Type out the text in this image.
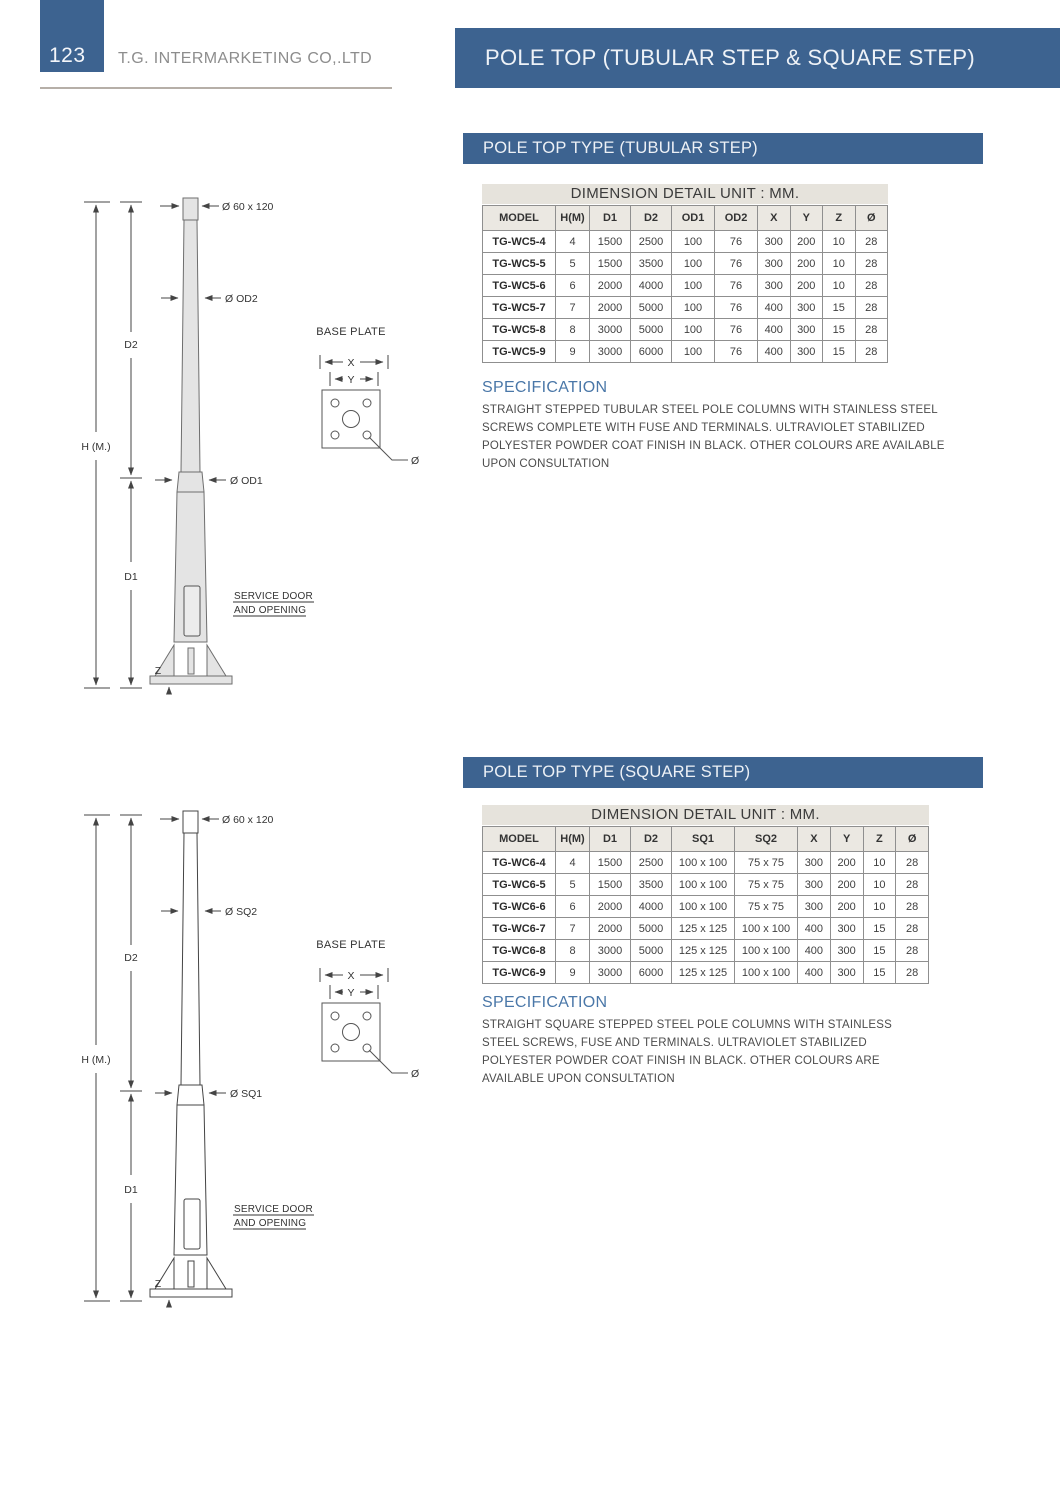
123 T.G. INTERMARKETING CO,.LTD	POLE TOP (TUBULAR STEP & SQUARE STEP)
POLE TOP TYPE (TUBULAR STEP)
DIMENSION DETAIL UNIT : MM.
MODEL	H(M)	D1	D2	OD1	OD2	X	Y	Z	Ø
TG-WC5-4	4	1500	2500	100	76	300	200	10	28
TG-WC5-5	5	1500	3500	100	76	300	200	10	28
TG-WC5-6	6	2000	4000	100	76	300	200	10	28
TG-WC5-7	7	2000	5000	100	76	400	300	15	28
TG-WC5-8	8	3000	5000	100	76	400	300	15	28
TG-WC5-9	9	3000	6000	100	76	400	300	15	28
SPECIFICATION
STRAIGHT STEPPED TUBULAR STEEL POLE COLUMNS WITH STAINLESS STEEL SCREWS COMPLETE WITH FUSE AND TERMINALS. ULTRAVIOLET STABILIZED POLYESTER POWDER COAT FINISH IN BLACK. OTHER COLOURS ARE AVAILABLE UPON CONSULTATION
Ø 60 x 120
Ø OD2
Ø OD1
H (M.)
D2
D1
Z
SERVICE DOOR
AND OPENING
BASE PLATE
X
Y
Ø
POLE TOP TYPE (SQUARE STEP)
DIMENSION DETAIL UNIT : MM.
MODEL	H(M)	D1	D2	SQ1	SQ2	X	Y	Z	Ø
TG-WC6-4	4	1500	2500	100 x 100	75 x 75	300	200	10	28
TG-WC6-5	5	1500	3500	100 x 100	75 x 75	300	200	10	28
TG-WC6-6	6	2000	4000	100 x 100	75 x 75	300	200	10	28
TG-WC6-7	7	2000	5000	125 x 125	100 x 100	400	300	15	28
TG-WC6-8	8	3000	5000	125 x 125	100 x 100	400	300	15	28
TG-WC6-9	9	3000	6000	125 x 125	100 x 100	400	300	15	28
SPECIFICATION
STRAIGHT SQUARE STEPPED STEEL POLE COLUMNS WITH STAINLESS STEEL SCREWS, FUSE AND TERMINALS. ULTRAVIOLET STABILIZED POLYESTER POWDER COAT FINISH IN BLACK. OTHER COLOURS ARE AVAILABLE UPON CONSULTATION
Ø 60 x 120
Ø SQ2
Ø SQ1
H (M.)
D2
D1
Z
SERVICE DOOR
AND OPENING
BASE PLATE
X
Y
Ø
